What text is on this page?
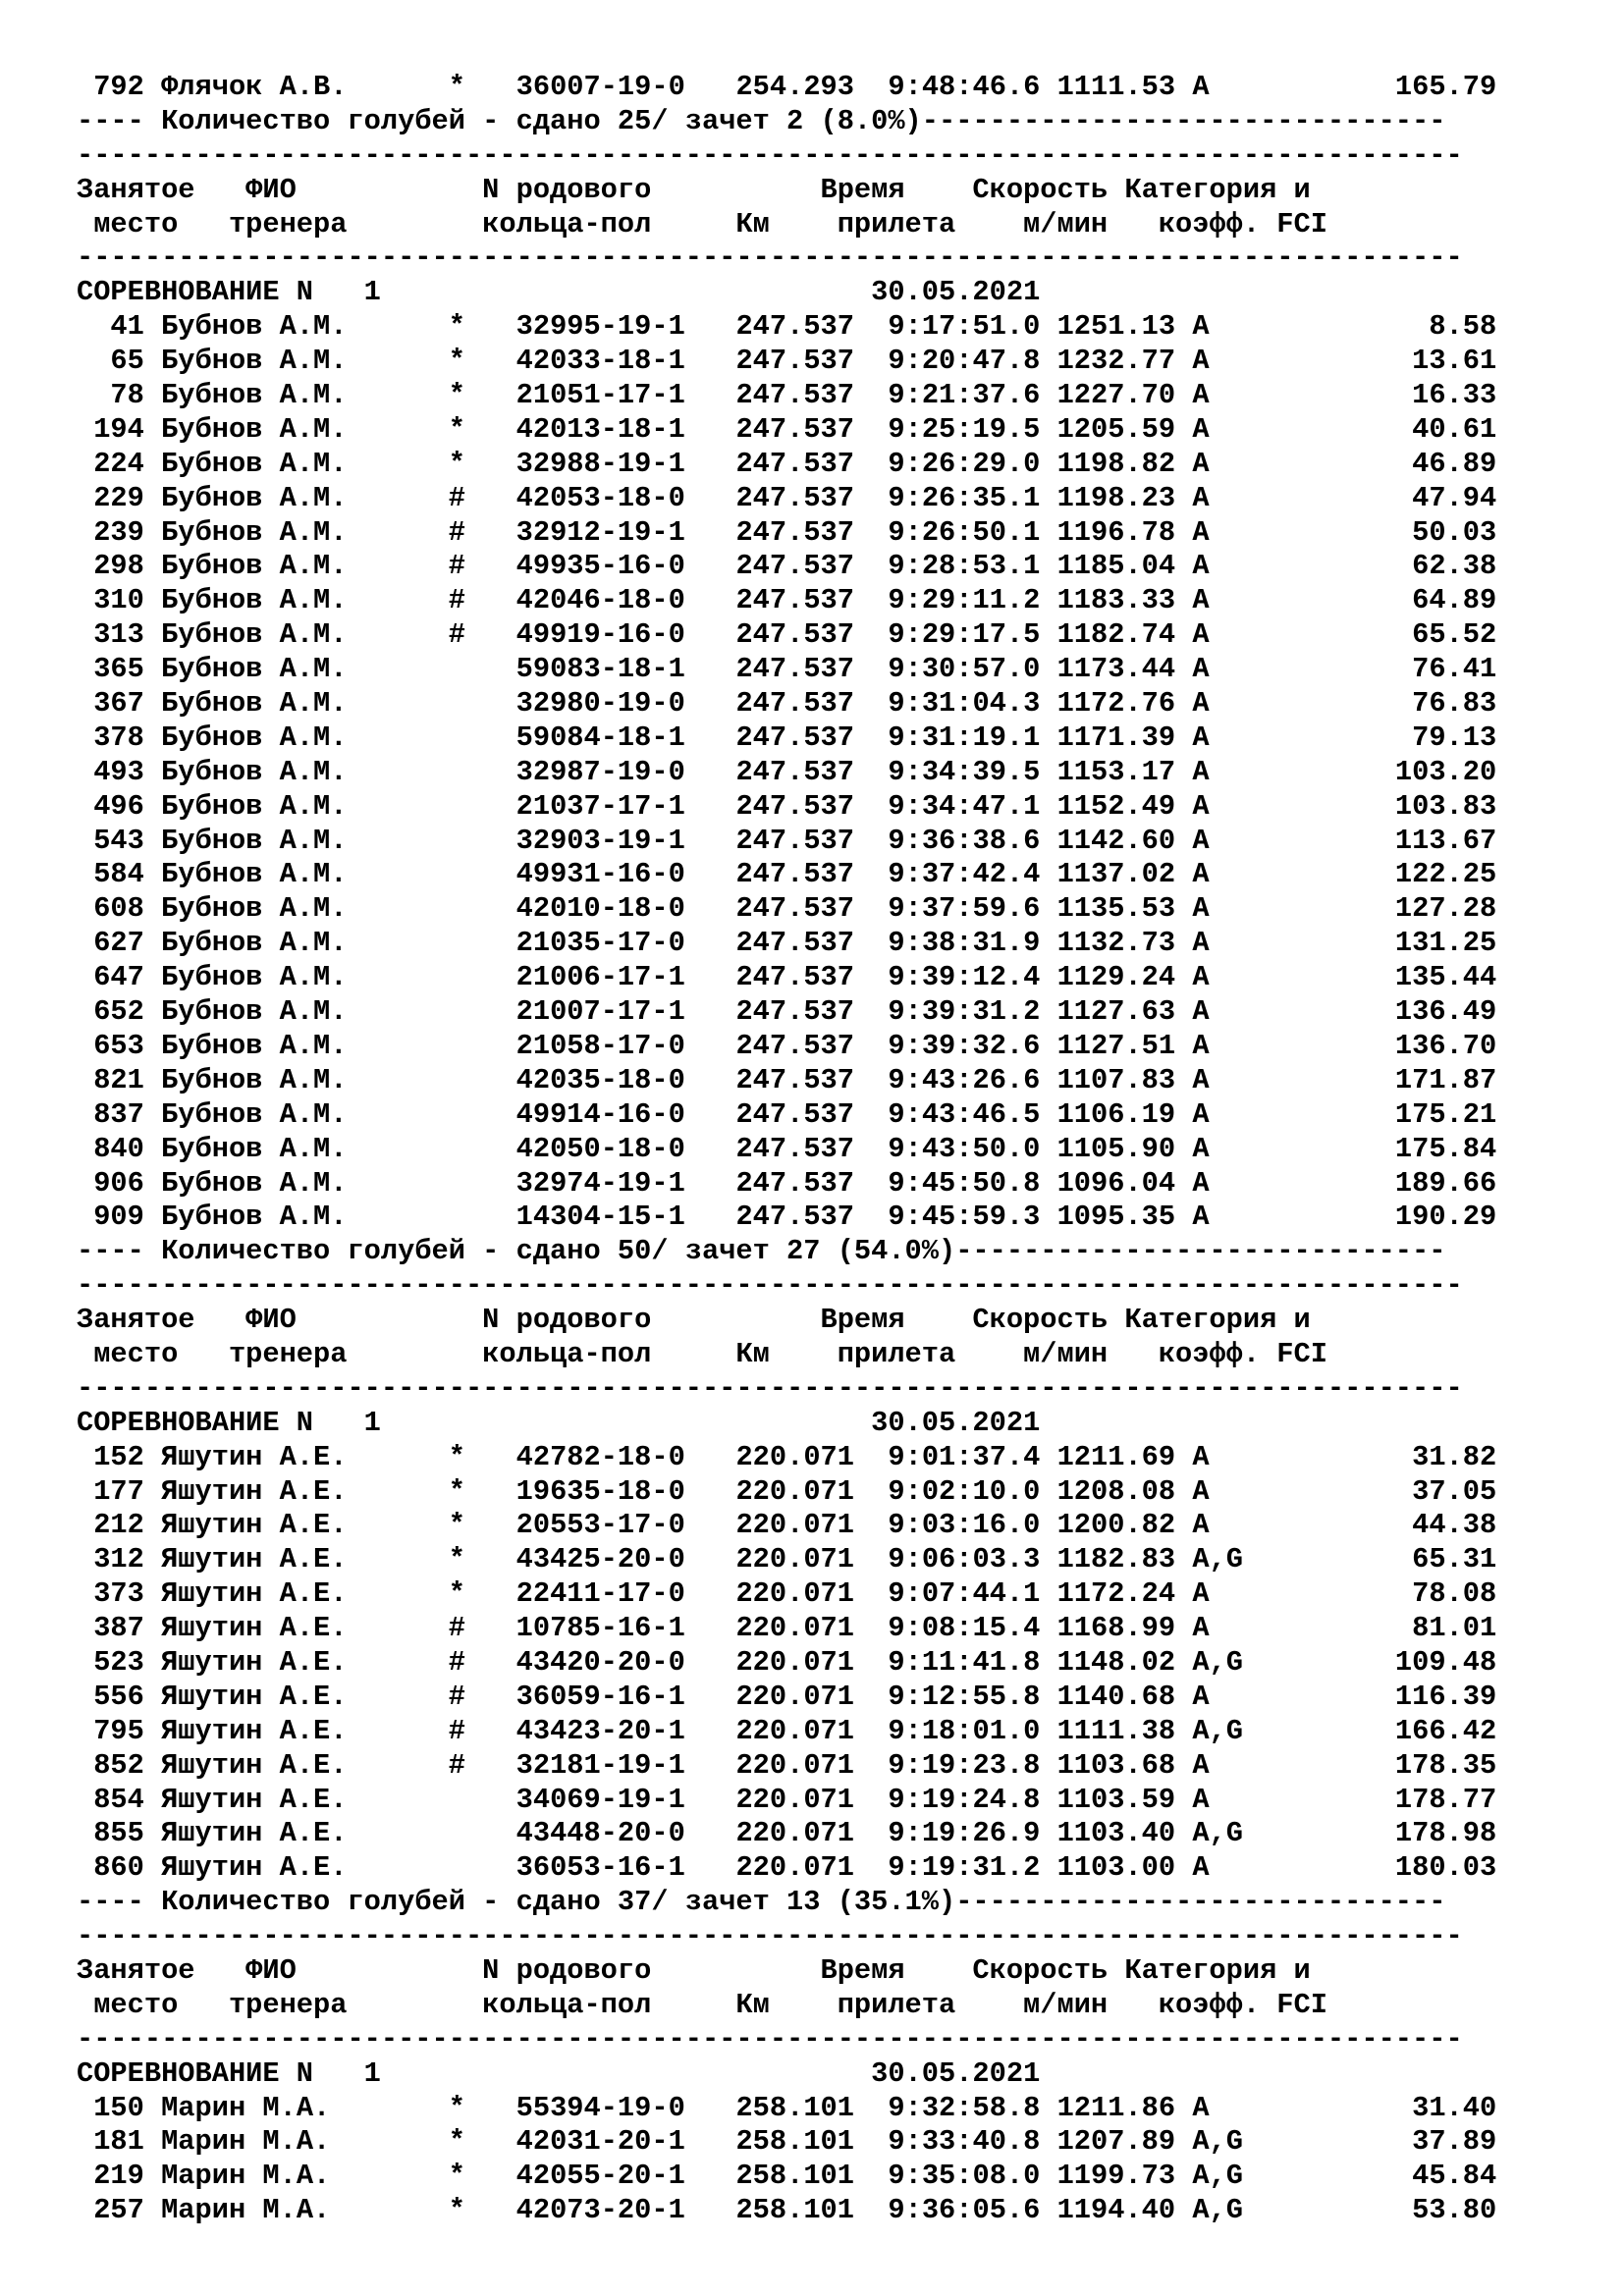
792 Флячок А.В.      * 36007-19-0 254.293 9:48:46.6 1111.53 A           165.79
---- Количество голубей - сдано 25/ зачет 2 (8.0%)-------------------------------
----------------------------------------------------------------------------------
Занятое   ФИО           N родового          Время    Скорость Категория и
место   тренера        кольца-пол     Км    прилета    м/мин   коэфф. FCI
----------------------------------------------------------------------------------
СОРЕВНОВАНИЕ N   1                             30.05.2021
41 Бубнов А.М.      * 32995-19-1 247.537 9:17:51.0 1251.13 A             8.58
65 Бубнов А.М.      * 42033-18-1 247.537 9:20:47.8 1232.77 A            13.61
78 Бубнов А.М.      * 21051-17-1 247.537 9:21:37.6 1227.70 A            16.33
194 Бубнов А.М.      * 42013-18-1 247.537 9:25:19.5 1205.59 A            40.61
224 Бубнов А.М.      * 32988-19-1 247.537 9:26:29.0 1198.82 A            46.89
229 Бубнов А.М.      # 42053-18-0 247.537 9:26:35.1 1198.23 A            47.94
239 Бубнов А.М.      # 32912-19-1 247.537 9:26:50.1 1196.78 A            50.03
298 Бубнов А.М.      # 49935-16-0 247.537 9:28:53.1 1185.04 A            62.38
310 Бубнов А.М.      # 42046-18-0 247.537 9:29:11.2 1183.33 A            64.89
313 Бубнов А.М.      # 49919-16-0 247.537 9:29:17.5 1182.74 A            65.52
365 Бубнов А.М.          59083-18-1 247.537 9:30:57.0 1173.44 A            76.41
367 Бубнов А.М.          32980-19-0 247.537 9:31:04.3 1172.76 A            76.83
378 Бубнов А.М.          59084-18-1 247.537 9:31:19.1 1171.39 A            79.13
493 Бубнов А.М.          32987-19-0 247.537 9:34:39.5 1153.17 A           103.20
496 Бубнов А.М.          21037-17-1 247.537 9:34:47.1 1152.49 A           103.83
543 Бубнов А.М.          32903-19-1 247.537 9:36:38.6 1142.60 A           113.67
584 Бубнов А.М.          49931-16-0 247.537 9:37:42.4 1137.02 A           122.25
608 Бубнов А.М.          42010-18-0 247.537 9:37:59.6 1135.53 A           127.28
627 Бубнов А.М.          21035-17-0 247.537 9:38:31.9 1132.73 A           131.25
647 Бубнов А.М.          21006-17-1 247.537 9:39:12.4 1129.24 A           135.44
652 Бубнов А.М.          21007-17-1 247.537 9:39:31.2 1127.63 A           136.49
653 Бубнов А.М.          21058-17-0 247.537 9:39:32.6 1127.51 A           136.70
821 Бубнов А.М.          42035-18-0 247.537 9:43:26.6 1107.83 A           171.87
837 Бубнов А.М.          49914-16-0 247.537 9:43:46.5 1106.19 A           175.21
840 Бубнов А.М.          42050-18-0 247.537 9:43:50.0 1105.90 A           175.84
906 Бубнов А.М.          32974-19-1 247.537 9:45:50.8 1096.04 A           189.66
909 Бубнов А.М.          14304-15-1 247.537 9:45:59.3 1095.35 A           190.29
---- Количество голубей - сдано 50/ зачет 27 (54.0%)-----------------------------
----------------------------------------------------------------------------------
Занятое   ФИО           N родового          Время    Скорость Категория и
место   тренера        кольца-пол     Км    прилета    м/мин   коэфф. FCI
----------------------------------------------------------------------------------
СОРЕВНОВАНИЕ N   1                             30.05.2021
152 Яшутин А.Е.      * 42782-18-0 220.071 9:01:37.4 1211.69 A            31.82
177 Яшутин А.Е.      * 19635-18-0 220.071 9:02:10.0 1208.08 A            37.05
212 Яшутин А.Е.      * 20553-17-0 220.071 9:03:16.0 1200.82 A            44.38
312 Яшутин А.Е.      * 43425-20-0 220.071 9:06:03.3 1182.83 A,G          65.31
373 Яшутин А.Е.      * 22411-17-0 220.071 9:07:44.1 1172.24 A            78.08
387 Яшутин А.Е.      # 10785-16-1 220.071 9:08:15.4 1168.99 A            81.01
523 Яшутин А.Е.      # 43420-20-0 220.071 9:11:41.8 1148.02 A,G         109.48
556 Яшутин А.Е.      # 36059-16-1 220.071 9:12:55.8 1140.68 A           116.39
795 Яшутин А.Е.      # 43423-20-1 220.071 9:18:01.0 1111.38 A,G         166.42
852 Яшутин А.Е.      # 32181-19-1 220.071 9:19:23.8 1103.68 A           178.35
854 Яшутин А.Е.          34069-19-1 220.071 9:19:24.8 1103.59 A           178.77
855 Яшутин А.Е.          43448-20-0 220.071 9:19:26.9 1103.40 A,G         178.98
860 Яшутин А.Е.          36053-16-1 220.071 9:19:31.2 1103.00 A           180.03
---- Количество голубей - сдано 37/ зачет 13 (35.1%)-----------------------------
----------------------------------------------------------------------------------
Занятое   ФИО           N родового          Время    Скорость Категория и
место   тренера        кольца-пол     Км    прилета    м/мин   коэфф. FCI
----------------------------------------------------------------------------------
СОРЕВНОВАНИЕ N   1                             30.05.2021
150 Марин М.А.       * 55394-19-0 258.101 9:32:58.8 1211.86 A            31.40
181 Марин М.А.       * 42031-20-1 258.101 9:33:40.8 1207.89 A,G          37.89
219 Марин М.А.       * 42055-20-1 258.101 9:35:08.0 1199.73 A,G          45.84
257 Марин М.А.       * 42073-20-1 258.101 9:36:05.6 1194.40 A,G          53.80
